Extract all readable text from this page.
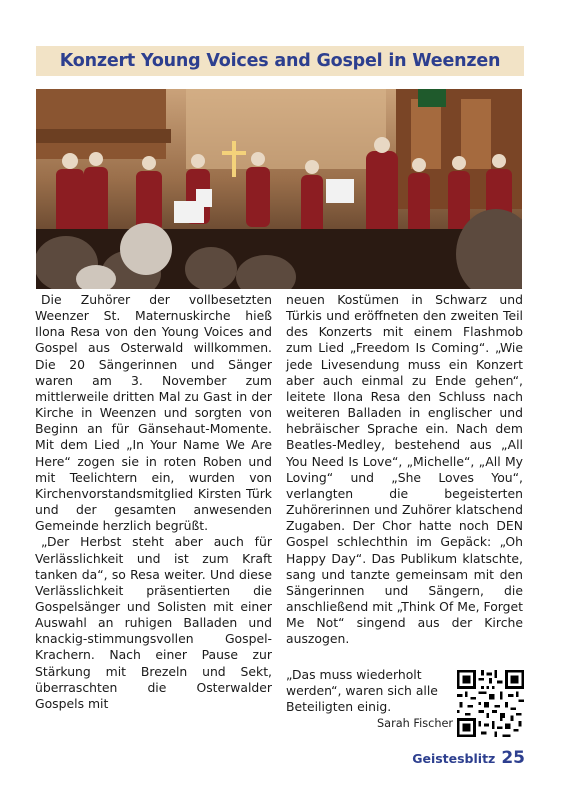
Konzert Young Voices and Gospel in Weenzen

Die Zuhörer der vollbesetzten Weenzer St. Maternuskirche hieß Ilona Resa von den Young Voices and Gospel aus Osterwald willkommen. Die 20 Sängerinnen und Sänger waren am 3. November zum mittlerweile dritten Mal zu Gast in der Kirche in Weenzen und sorgten von Beginn an für Gänsehaut-Momente. Mit dem Lied „In Your Name We Are Here“ zogen sie in roten Roben und mit Teelichtern ein, wurden von Kirchenvorstandsmitglied Kirsten Türk und der gesamten anwesenden Gemeinde herzlich begrüßt.

„Der Herbst steht aber auch für Verlässlichkeit und ist zum Kraft tanken da“, so Resa weiter. Und diese Verlässlichkeit präsentierten die Gospelsänger und Solisten mit einer Auswahl an ruhigen Balladen und knackig-stimmungsvollen Gospel-Krachern. Nach einer Pause zur Stärkung mit Brezeln und Sekt, überraschten die Osterwalder Gospels mit

neuen Kostümen in Schwarz und Türkis und eröffneten den zweiten Teil des Konzerts mit einem Flashmob zum Lied „Freedom Is Coming“. „Wie jede Livesendung muss ein Konzert aber auch einmal zu Ende gehen“, leitete Ilona Resa den Schluss nach weiteren Balladen in englischer und hebräischer Sprache ein. Nach dem Beatles-Medley, bestehend aus „All You Need Is Love“, „Michelle“, „All My Loving“ und „She Loves You“, verlangten die begeisterten Zuhörerinnen und Zuhörer klatschend Zugaben. Der Chor hatte noch DEN Gospel schlechthin im Gepäck: „Oh Happy Day“. Das Publikum klatschte, sang und tanzte gemeinsam mit den Sängerinnen und Sängern, die anschließend mit „Think Of Me, Forget Me Not“ singend aus der Kirche auszogen.

„Das muss wiederholt werden“, waren sich alle Beteiligten einig.
Sarah Fischer
Geistesblitz 25
